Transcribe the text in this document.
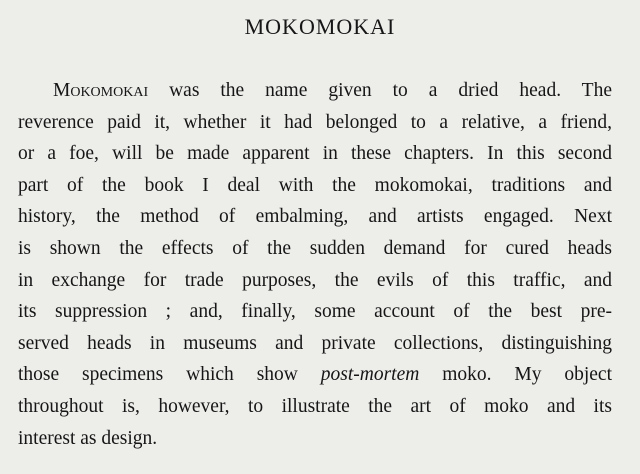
MOKOMOKAI
Mokomokai was the name given to a dried head. The
reverence paid it, whether it had belonged to a relative, a friend,
or a foe, will be made apparent in these chapters. In this second
part of the book I deal with the mokomokai, traditions and
history, the method of embalming, and artists engaged. Next
is shown the effects of the sudden demand for cured heads
in exchange for trade purposes, the evils of this traffic, and
its suppression ; and, finally, some account of the best pre-
served heads in museums and private collections, distinguishing
those specimens which show post-mortem moko. My object
throughout is, however, to illustrate the art of moko and its
interest as design.
